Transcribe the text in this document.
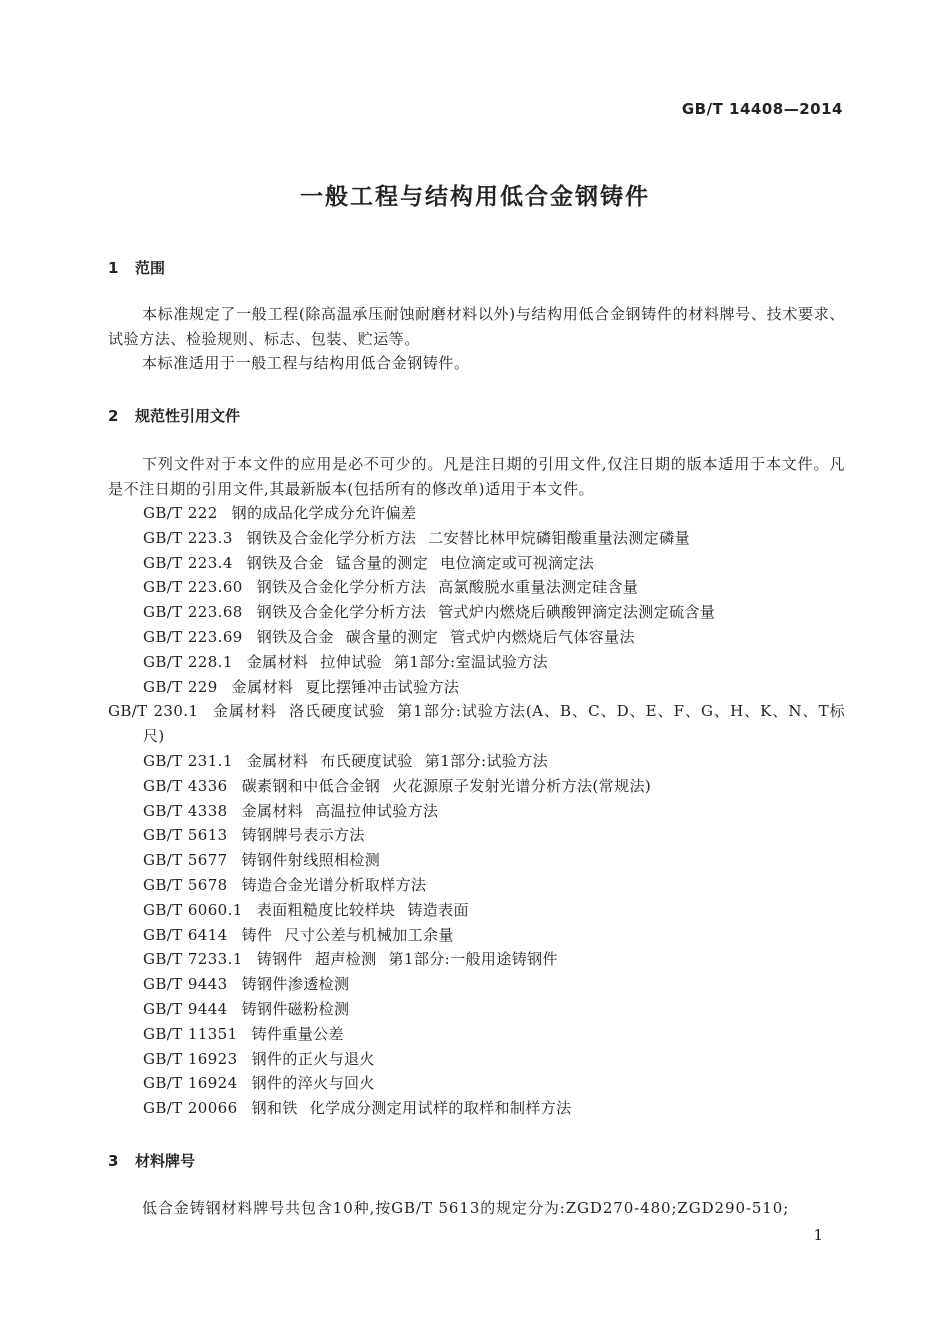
GB/T 14408—2014
一般工程与结构用低合金钢铸件
1 范围

本标准规定了一般工程(除高温承压耐蚀耐磨材料以外)与结构用低合金钢铸件的材料牌号、技术要求、试验方法、检验规则、标志、包装、贮运等。

本标准适用于一般工程与结构用低合金钢铸件。

2 规范性引用文件

下列文件对于本文件的应用是必不可少的。凡是注日期的引用文件,仅注日期的版本适用于本文件。凡是不注日期的引用文件,其最新版本(包括所有的修改单)适用于本文件。

GB/T 222 钢的成品化学成分允许偏差
GB/T 223.3 钢铁及合金化学分析方法 二安替比林甲烷磷钼酸重量法测定磷量
GB/T 223.4 钢铁及合金 锰含量的测定 电位滴定或可视滴定法
GB/T 223.60 钢铁及合金化学分析方法 高氯酸脱水重量法测定硅含量
GB/T 223.68 钢铁及合金化学分析方法 管式炉内燃烧后碘酸钾滴定法测定硫含量
GB/T 223.69 钢铁及合金 碳含量的测定 管式炉内燃烧后气体容量法
GB/T 228.1 金属材料 拉伸试验 第1部分:室温试验方法
GB/T 229 金属材料 夏比摆锤冲击试验方法
GB/T 230.1 金属材料 洛氏硬度试验 第1部分:试验方法(A、B、C、D、E、F、G、H、K、N、T标尺)
GB/T 231.1 金属材料 布氏硬度试验 第1部分:试验方法
GB/T 4336 碳素钢和中低合金钢 火花源原子发射光谱分析方法(常规法)
GB/T 4338 金属材料 高温拉伸试验方法
GB/T 5613 铸钢牌号表示方法
GB/T 5677 铸钢件射线照相检测
GB/T 5678 铸造合金光谱分析取样方法
GB/T 6060.1 表面粗糙度比较样块 铸造表面
GB/T 6414 铸件 尺寸公差与机械加工余量
GB/T 7233.1 铸钢件 超声检测 第1部分:一般用途铸钢件
GB/T 9443 铸钢件渗透检测
GB/T 9444 铸钢件磁粉检测
GB/T 11351 铸件重量公差
GB/T 16923 钢件的正火与退火
GB/T 16924 钢件的淬火与回火
GB/T 20066 钢和铁 化学成分测定用试样的取样和制样方法
3 材料牌号

低合金铸钢材料牌号共包含10种,按GB/T 5613的规定分为:ZGD270-480;ZGD290-510;

1
